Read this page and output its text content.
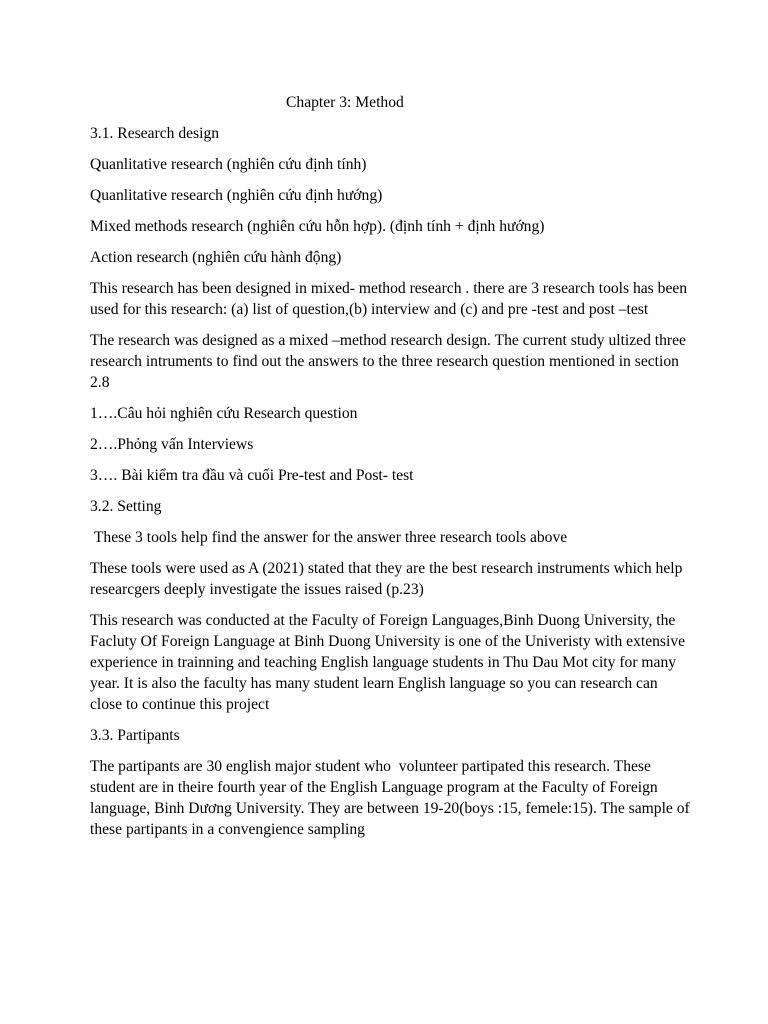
Chapter 3: Method

3.1. Research design

Quanlitative research (nghiên cứu định tính)

Quanlitative research (nghiên cứu định hướng)

Mixed methods research (nghiên cứu hỗn hợp). (định tính + định hướng)

Action research (nghiên cứu hành động)

This research has been designed in mixed- method research . there are 3 research tools has been used for this research: (a) list of question,(b) interview and (c) and pre -test and post –test

The research was designed as a mixed –method research design. The current study ultized three research intruments to find out the answers to the three research question mentioned in section 2.8

1….Câu hỏi nghiên cứu Research question

2….Phỏng vấn Interviews

3…. Bài kiểm tra đầu và cuối Pre-test and Post- test

3.2. Setting

These 3 tools help find the answer for the answer three research tools above

These tools were used as A (2021) stated that they are the best research instruments which help researcgers deeply investigate the issues raised (p.23)

This research was conducted at the Faculty of Foreign Languages,Binh Duong University, the Facluty Of Foreign Language at Binh Duong University is one of the Univeristy with extensive experience in trainning and teaching English language students in Thu Dau Mot city for many year. It is also the faculty has many student learn English language so you can research can close to continue this project

3.3. Partipants

The partipants are 30 english major student who  volunteer partipated this research. These student are in theire fourth year of the English Language program at the Faculty of Foreign language, Binh Dương University. They are between 19-20(boys :15, femele:15). The sample of these partipants in a convengience sampling
